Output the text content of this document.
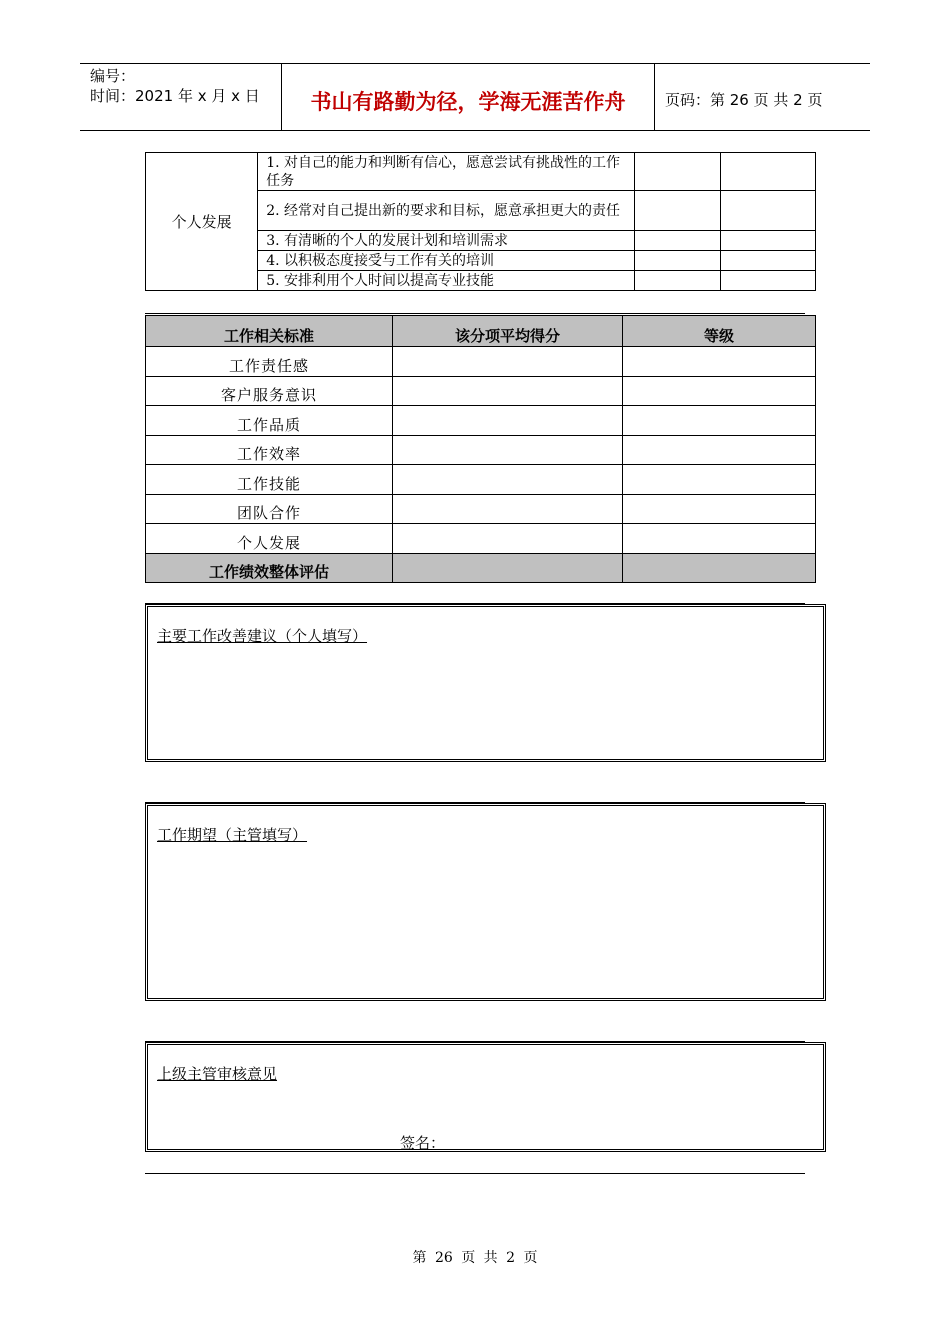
编号：
时间：2021 年 x 月 x 日	书山有路勤为径，学海无涯苦作舟	页码：第 26 页 共 2 页
个人发展	1. 对自己的能力和判断有信心，愿意尝试有挑战性的工作任务		
	2. 经常对自己提出新的要求和目标，愿意承担更大的责任		
	3. 有清晰的个人的发展计划和培训需求		
	4. 以积极态度接受与工作有关的培训		
	5. 安排利用个人时间以提高专业技能		
工作相关标准	该分项平均得分	等级
工作责任感		
客户服务意识		
工作品质		
工作效率		
工作技能		
团队合作		
个人发展		
工作绩效整体评估		
主要工作改善建议（个人填写）
工作期望（主管填写）
上级主管审核意见
签名：
第 26 页 共 2 页
